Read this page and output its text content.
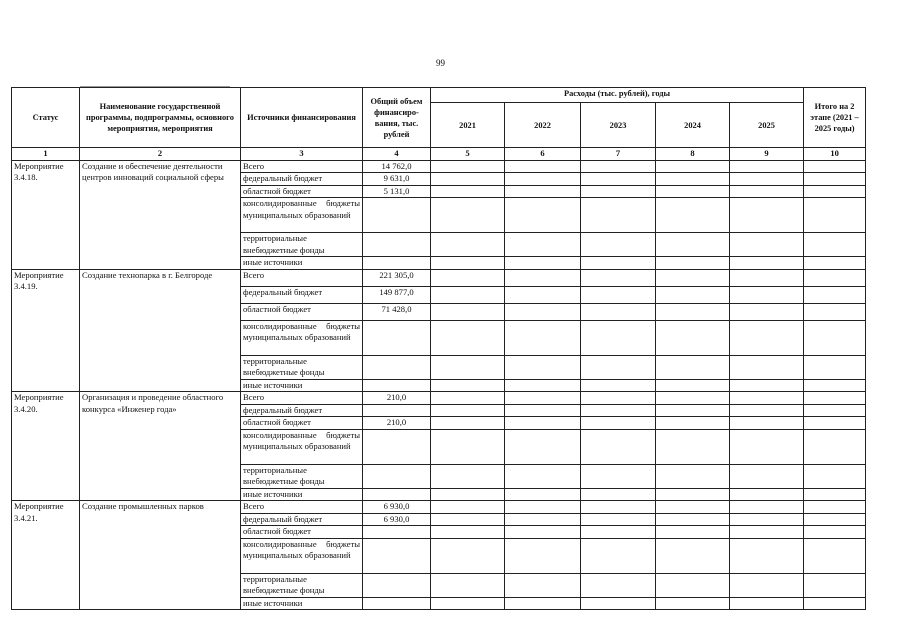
99
Статус	Наименование государственной программы, подпрограммы, основного мероприятия, мероприятия	Источники финансирования	Общий объем финансиро-вания, тыс. рублей	Расходы (тыс. рублей), годы					Итого на 2 этапе (2021 – 2025 годы)
				2021	2022	2023	2024	2025	
1	2	3	4	5	6	7	8	9	10
Мероприятие 3.4.18.	Создание и обеспечение деятельности центров инноваций социальной сферы	Всего	14 762,0						
		федеральный бюджет	9 631,0						
		областной бюджет	5 131,0						
		консолидированные бюджеты муниципальных образований							
		территориальные внебюджетные фонды							
		иные источники							
Мероприятие 3.4.19.	Создание технопарка в г. Белгороде	Всего	221 305,0						
		федеральный бюджет	149 877,0						
		областной бюджет	71 428,0						
		консолидированные бюджеты муниципальных образований							
		территориальные внебюджетные фонды							
		иные источники							
Мероприятие 3.4.20.	Организация и проведение областного конкурса «Инженер года»	Всего	210,0						
		федеральный бюджет							
		областной бюджет	210,0						
		консолидированные бюджеты муниципальных образований							
		территориальные внебюджетные фонды							
		иные источники							
Мероприятие 3.4.21.	Создание промышленных парков	Всего	6 930,0						
		федеральный бюджет	6 930,0						
		областной бюджет							
		консолидированные бюджеты муниципальных образований							
		территориальные внебюджетные фонды							
		иные источники							
